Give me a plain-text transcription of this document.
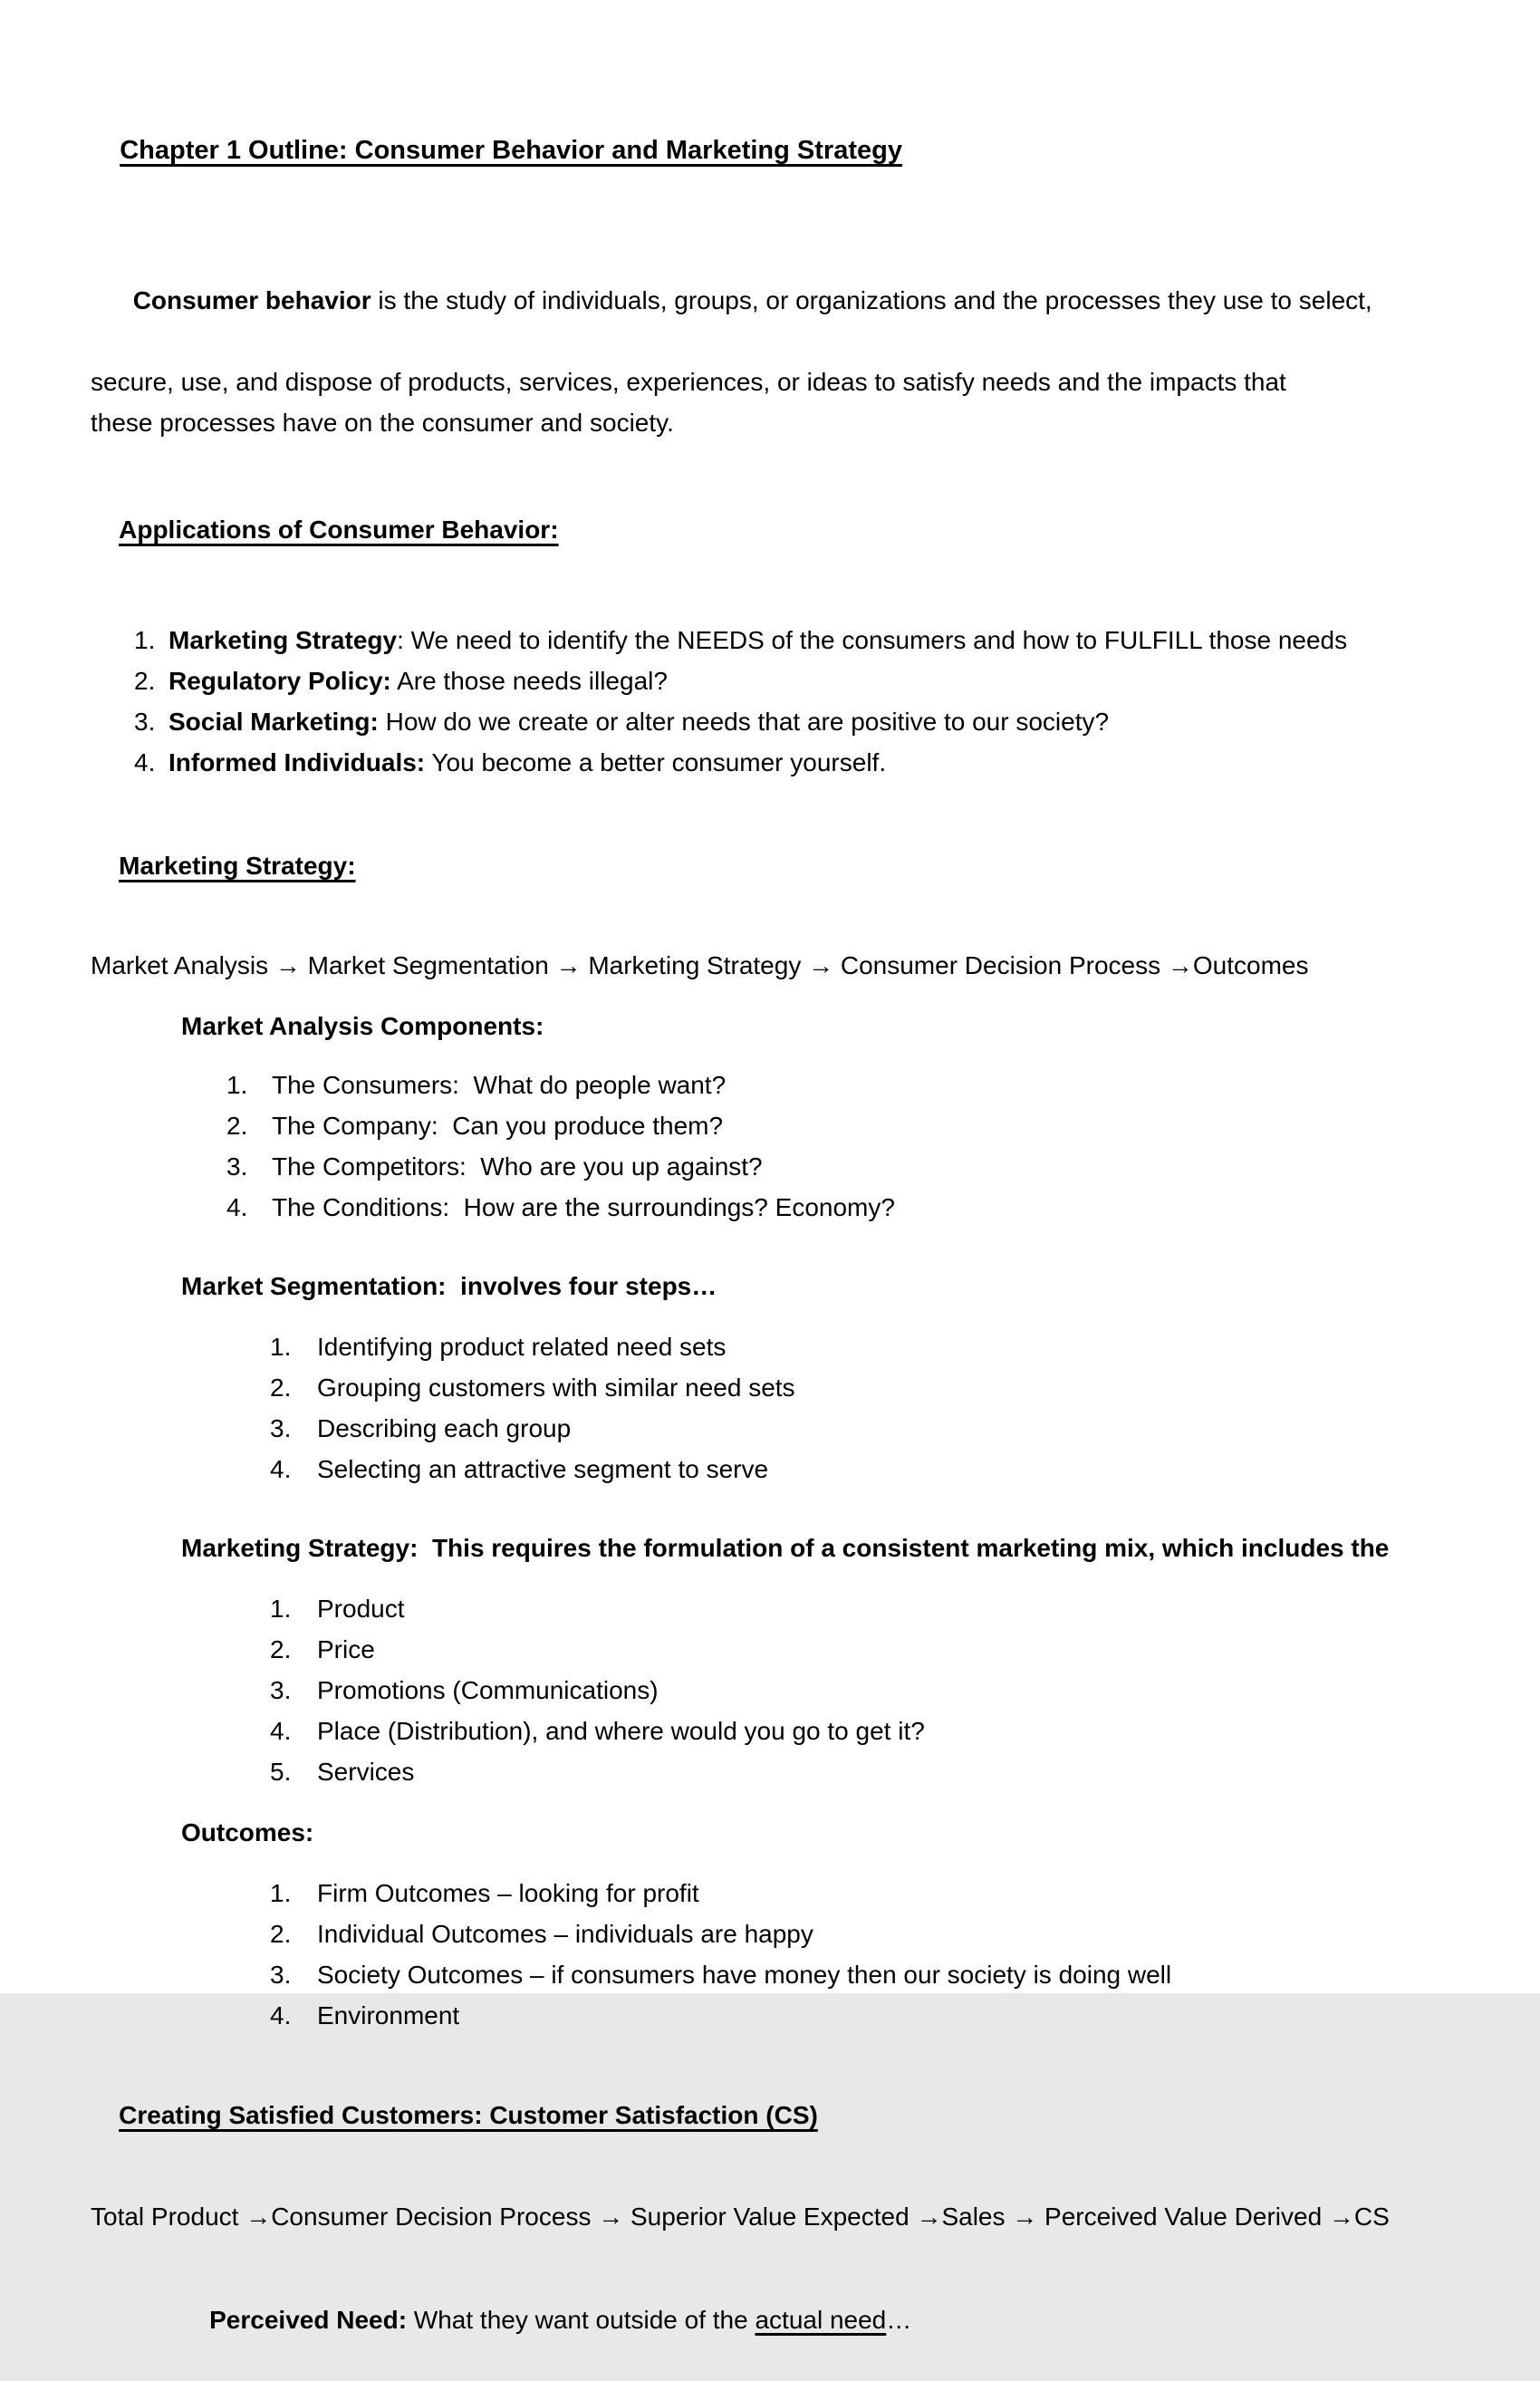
Chapter 1 Outline: Consumer Behavior and Marketing Strategy

Consumer behavior is the study of individuals, groups, or organizations and the processes they use to select,

secure, use, and dispose of products, services, experiences, or ideas to satisfy needs and the impacts that
these processes have on the consumer and society.

Applications of Consumer Behavior:

1. Marketing Strategy: We need to identify the NEEDS of the consumers and how to FULFILL those needs
2. Regulatory Policy: Are those needs illegal?
3. Social Marketing: How do we create or alter needs that are positive to our society?
4. Informed Individuals: You become a better consumer yourself.

Marketing Strategy:

Market Analysis → Market Segmentation → Marketing Strategy → Consumer Decision Process →Outcomes
Market Analysis Components:
1. The Consumers:  What do people want?
2. The Company:  Can you produce them?
3. The Competitors:  Who are you up against?
4. The Conditions:  How are the surroundings? Economy?
Market Segmentation:  involves four steps…
1. Identifying product related need sets
2. Grouping customers with similar need sets
3. Describing each group
4. Selecting an attractive segment to serve
Marketing Strategy:  This requires the formulation of a consistent marketing mix, which includes the
1. Product
2. Price
3. Promotions (Communications)
4. Place (Distribution), and where would you go to get it?
5. Services
Outcomes:
1. Firm Outcomes – looking for profit
2. Individual Outcomes – individuals are happy
3. Society Outcomes – if consumers have money then our society is doing well
4. Environment

Creating Satisfied Customers: Customer Satisfaction (CS)

Total Product →Consumer Decision Process → Superior Value Expected →Sales → Perceived Value Derived →CS

Perceived Need: What they want outside of the actual need…
